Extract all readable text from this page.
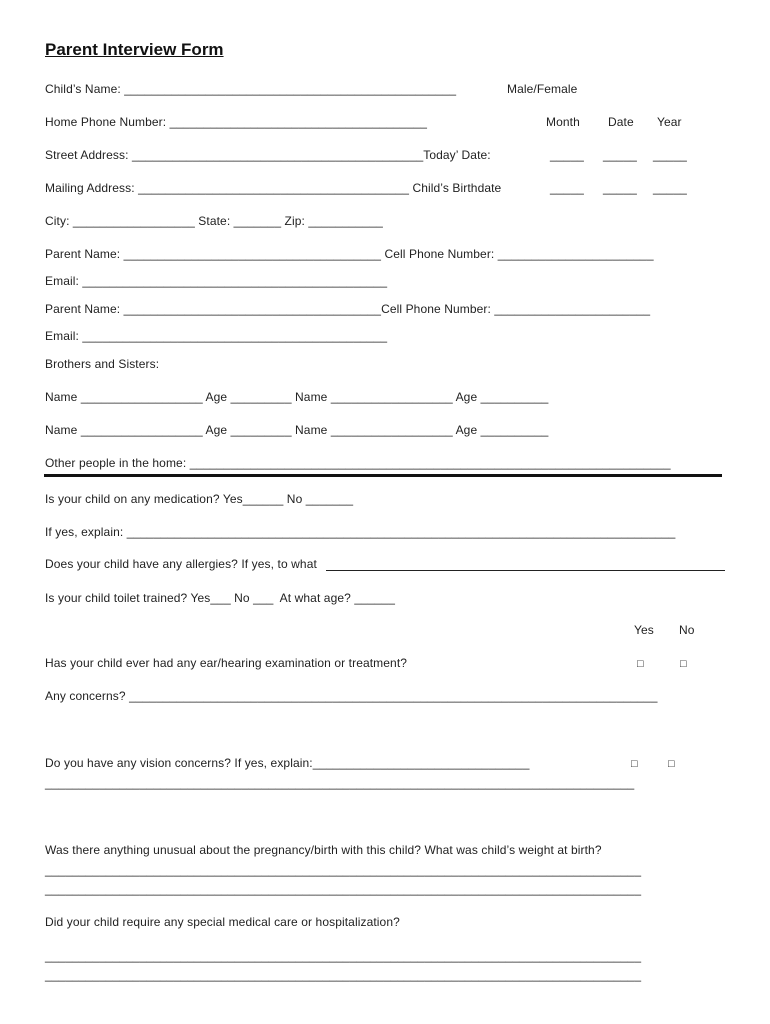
Parent Interview Form
Child’s Name: _________________________________________________	Male/Female
Home Phone Number: ______________________________________	Month Date Year
Street Address: ___________________________________________Today’ Date:	_____ _____ _____
Mailing Address: ________________________________________ Child’s Birthdate	_____ _____ _____
City: __________________ State: _______ Zip: ___________
Parent Name: ______________________________________ Cell Phone Number: _______________________
Email: _____________________________________________
Parent Name: ______________________________________Cell Phone Number: _______________________
Email: _____________________________________________
Brothers and Sisters:
Name __________________ Age _________ Name __________________ Age __________
Name __________________ Age _________ Name __________________ Age __________
Other people in the home: _______________________________________________________________________
Is your child on any medication? Yes______ No _______
If yes, explain: _________________________________________________________________________________
Does your child have any allergies? If yes, to what
Is your child toilet trained? Yes___ No ___  At what age? ______
Yes No
Has your child ever had any ear/hearing examination or treatment?	□	□
Any concerns? ______________________________________________________________________________
Do you have any vision concerns? If yes, explain:________________________________	□	□
_______________________________________________________________________________________
Was there anything unusual about the pregnancy/birth with this child? What was child’s weight at birth?
________________________________________________________________________________________
________________________________________________________________________________________
Did your child require any special medical care or hospitalization?
________________________________________________________________________________________
________________________________________________________________________________________
